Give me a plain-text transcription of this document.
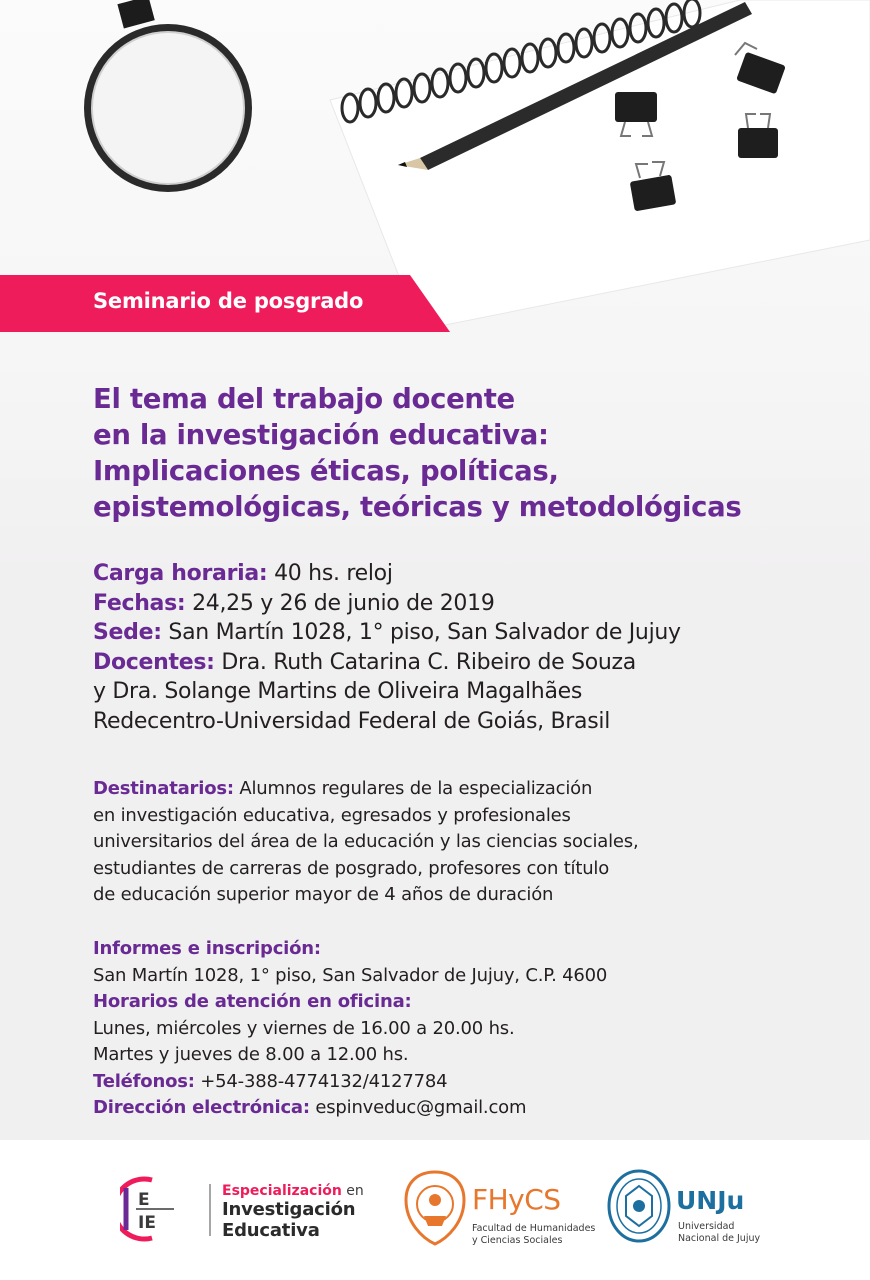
Seminario de posgrado
El tema del trabajo docente
en la investigación educativa:
Implicaciones éticas, políticas,
epistemológicas, teóricas y metodológicas
Carga horaria: 40 hs. reloj
Fechas: 24,25 y 26 de junio de 2019
Sede: San Martín 1028, 1° piso, San Salvador de Jujuy
Docentes: Dra. Ruth Catarina C. Ribeiro de Souza
y Dra. Solange Martins de Oliveira Magalhães
Redecentro-Universidad Federal de Goiás, Brasil
Destinatarios: Alumnos regulares de la especialización
en investigación educativa, egresados y profesionales
universitarios del área de la educación y las ciencias sociales,
estudiantes de carreras de posgrado, profesores con título
de educación superior mayor de 4 años de duración
Informes e inscripción:
San Martín 1028, 1° piso, San Salvador de Jujuy, C.P. 4600
Horarios de atención en oficina:
Lunes, miércoles y viernes de 16.00 a 20.00 hs.
Martes y jueves de 8.00 a 12.00 hs.
Teléfonos: +54-388-4774132/4127784
Dirección electrónica: espinveduc@gmail.com
E
IE
Especialización en
Investigación
Educativa
FHyCS
Facultad de Humanidades
y Ciencias Sociales
UNJu
Universidad
Nacional de Jujuy
